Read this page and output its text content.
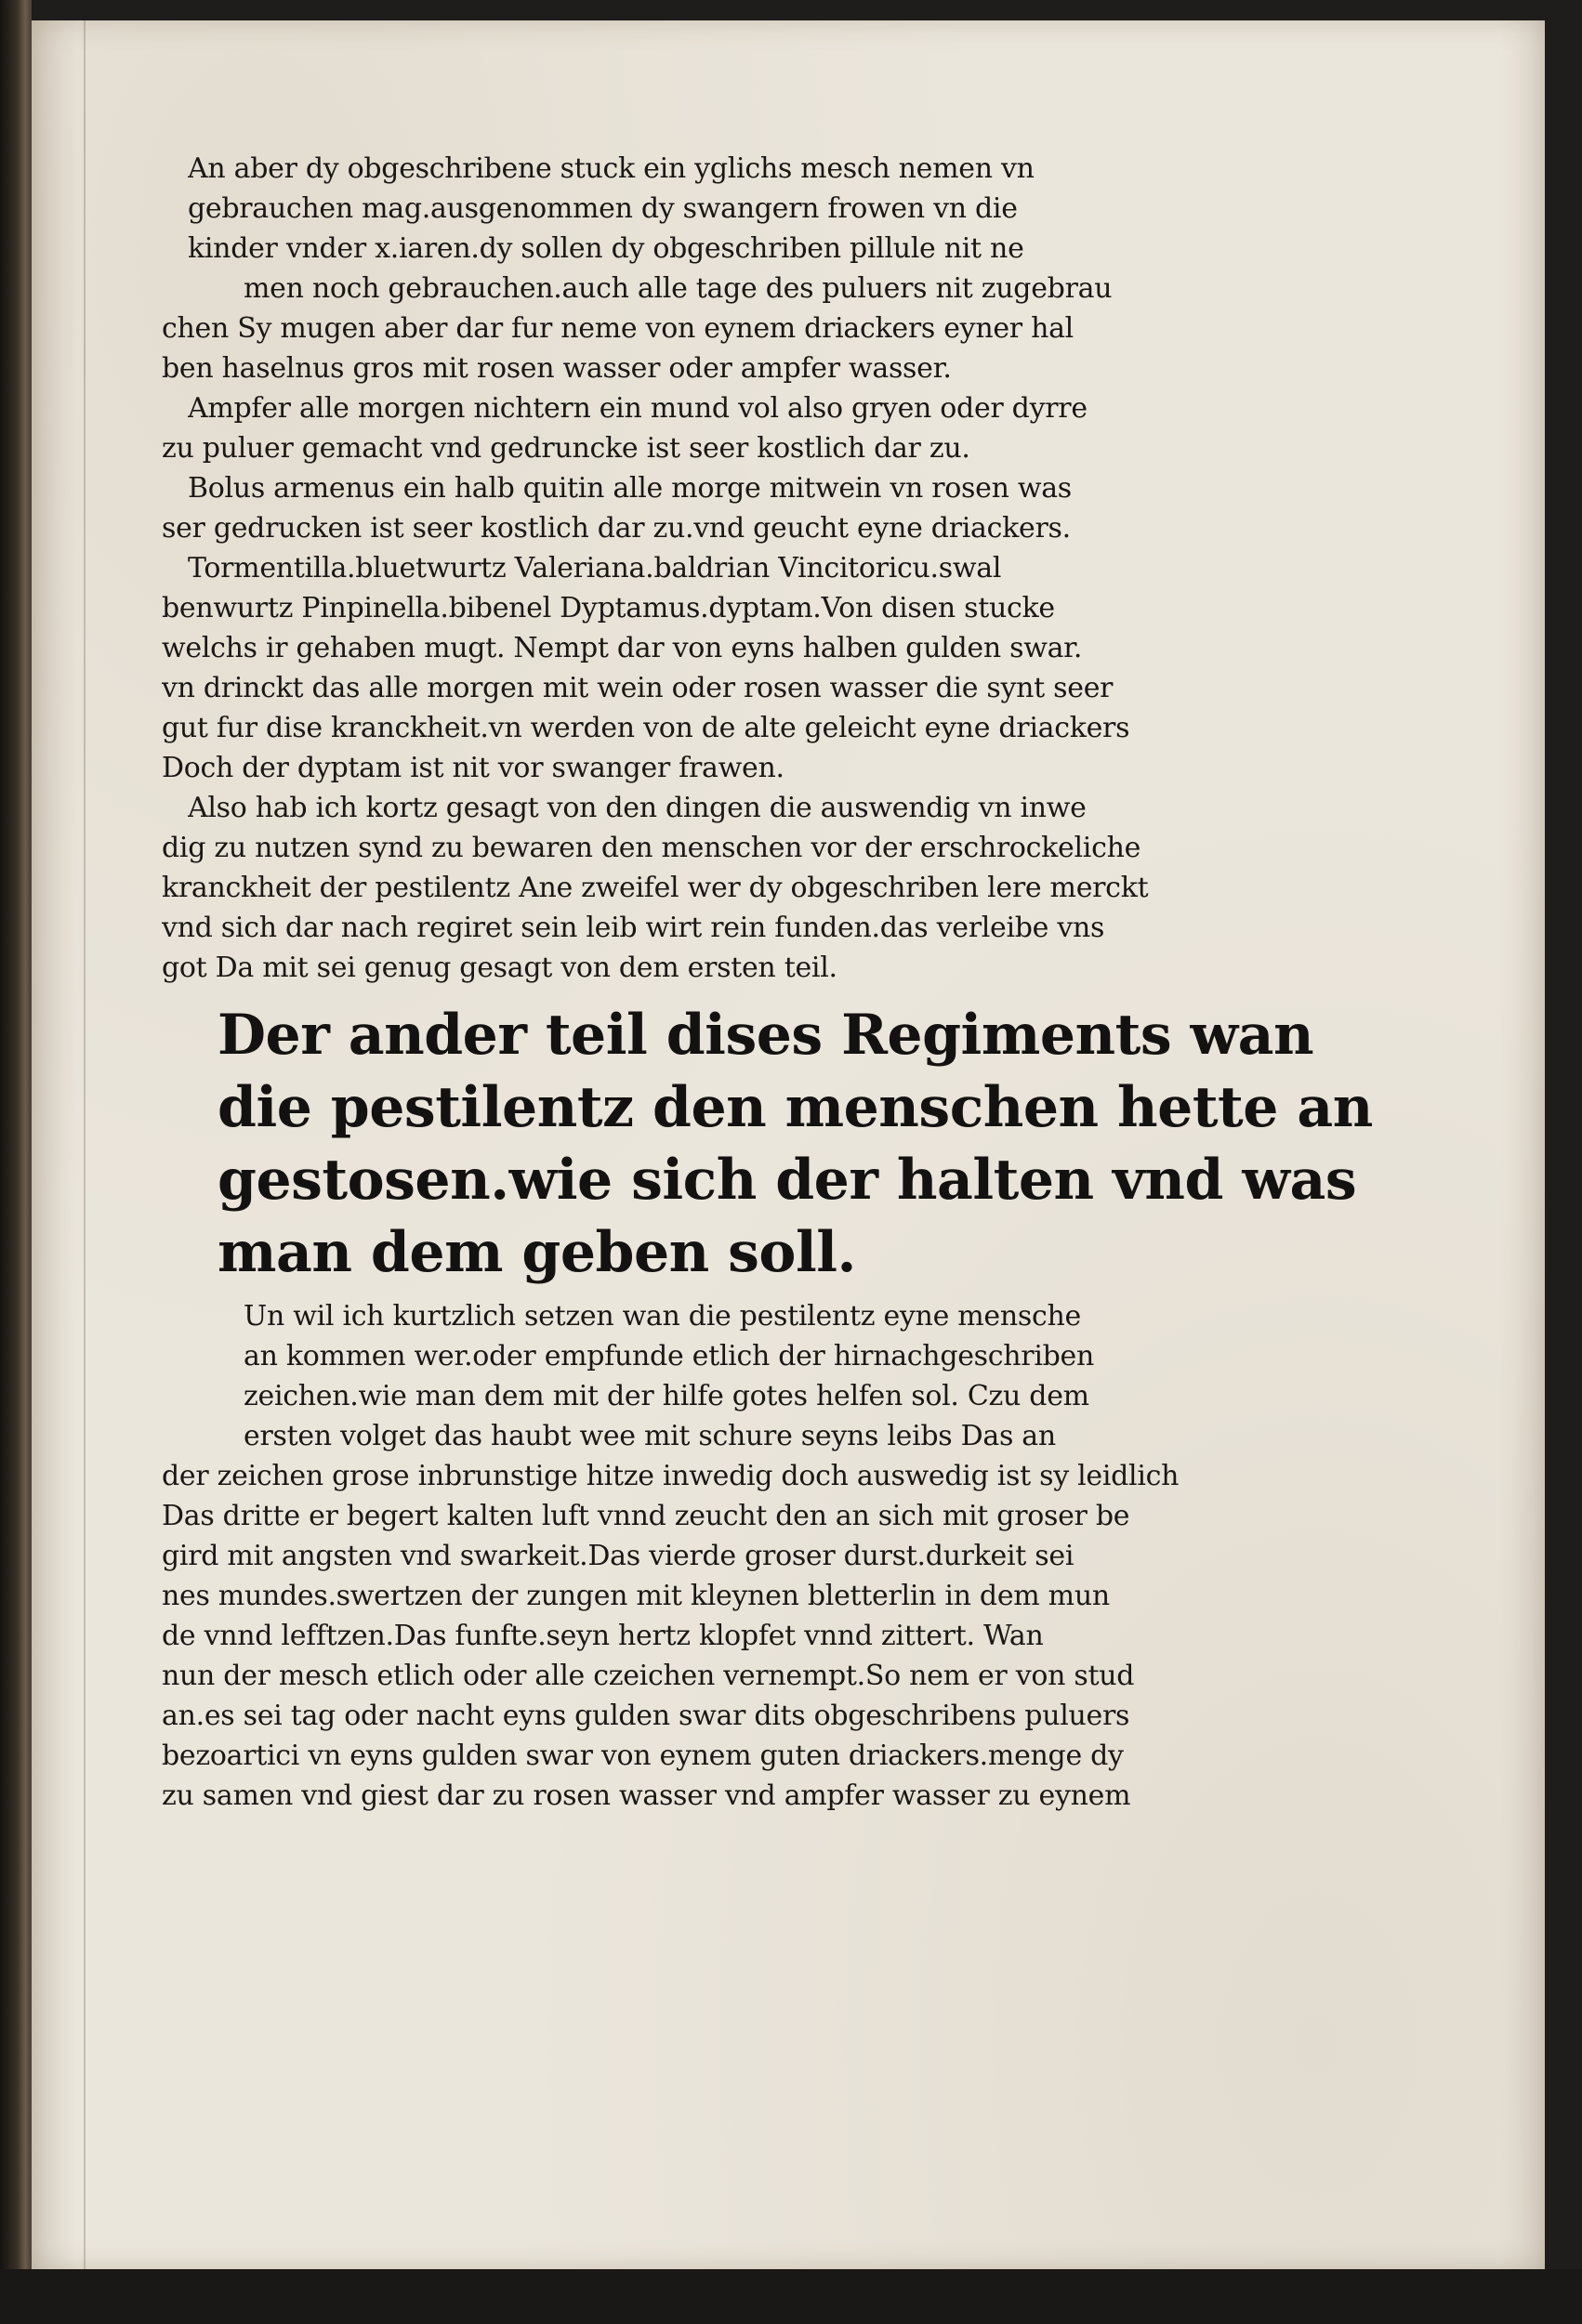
An aber dy obgeschribene stuck ein yglichs mesch nemen vn
gebrauchen mag.ausgenommen dy swangern frowen vn die
kinder vnder x.iaren.dy sollen dy obgeschriben pillule nit ne
men noch gebrauchen.auch alle tage des puluers nit zugebrau
chen Sy mugen aber dar fur neme von eynem driackers eyner hal
ben haselnus gros mit rosen wasser oder ampfer wasser.
Ampfer alle morgen nichtern ein mund vol also gryen oder dyrre
zu puluer gemacht vnd gedruncke ist seer kostlich dar zu.
Bolus armenus ein halb quitin alle morge mitwein vn rosen was
ser gedrucken ist seer kostlich dar zu.vnd geucht eyne driackers.
Tormentilla.bluetwurtz Valeriana.baldrian Vincitoricu.swal
benwurtz Pinpinella.bibenel Dyptamus.dyptam.Von disen stucke
welchs ir gehaben mugt. Nempt dar von eyns halben gulden swar.
vn drinckt das alle morgen mit wein oder rosen wasser die synt seer
gut fur dise kranckheit.vn werden von de alte geleicht eyne driackers
Doch der dyptam ist nit vor swanger frawen.
Also hab ich kortz gesagt von den dingen die auswendig vn inwe
dig zu nutzen synd zu bewaren den menschen vor der erschrockeliche
kranckheit der pestilentz Ane zweifel wer dy obgeschriben lere merckt
vnd sich dar nach regiret sein leib wirt rein funden.das verleibe vns
got Da mit sei genug gesagt von dem ersten teil.
Der ander teil dises Regiments wan
die pestilentz den menschen hette an
gestosen.wie sich der halten vnd was
man dem geben soll.
Un wil ich kurtzlich setzen wan die pestilentz eyne mensche
an kommen wer.oder empfunde etlich der hirnachgeschriben
zeichen.wie man dem mit der hilfe gotes helfen sol. Czu dem
ersten volget das haubt wee mit schure seyns leibs Das an
der zeichen grose inbrunstige hitze inwedig doch auswedig ist sy leidlich
Das dritte er begert kalten luft vnnd zeucht den an sich mit groser be
gird mit angsten vnd swarkeit.Das vierde groser durst.durkeit sei
nes mundes.swertzen der zungen mit kleynen bletterlin in dem mun
de vnnd lefftzen.Das funfte.seyn hertz klopfet vnnd zittert. Wan
nun der mesch etlich oder alle czeichen vernempt.So nem er von stud
an.es sei tag oder nacht eyns gulden swar dits obgeschribens puluers
bezoartici vn eyns gulden swar von eynem guten driackers.menge dy
zu samen vnd giest dar zu rosen wasser vnd ampfer wasser zu eynem
